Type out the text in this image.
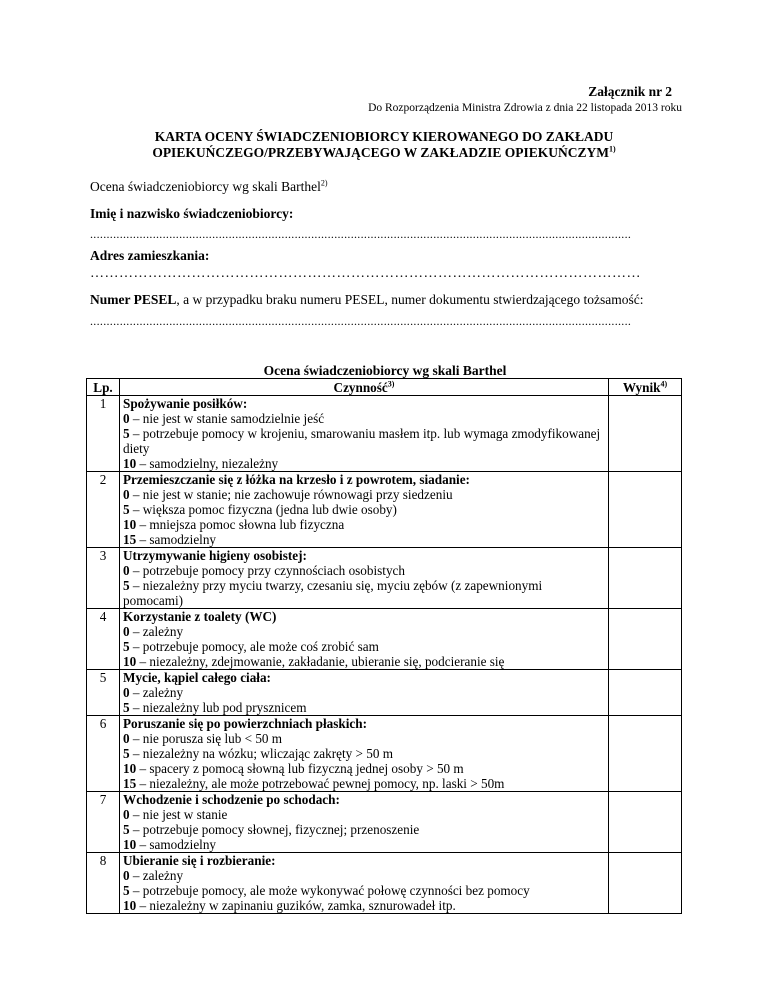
Załącznik nr 2
Do Rozporządzenia Ministra Zdrowia z dnia 22 listopada 2013 roku
KARTA OCENY ŚWIADCZENIOBIORCY KIEROWANEGO DO ZAKŁADU
OPIEKUŃCZEGO/PRZEBYWAJĄCEGO W ZAKŁADZIE OPIEKUŃCZYM$^{1)}$
Ocena świadczeniobiorcy wg skali Barthel$^{2)}$
Imię i nazwisko świadczeniobiorcy:
....................................................................................................................................................................
Adres zamieszkania:
……………………………………………………………………………………………………
Numer PESEL, a w przypadku braku numeru PESEL, numer dokumentu stwierdzającego tożsamość:
....................................................................................................................................................................
Ocena świadczeniobiorcy wg skali Barthel
Lp.	Czynność$^{3)}$	Wynik$^{4)}$
1	Spożywanie posiłków:
0 – nie jest w stanie samodzielnie jeść
5 – potrzebuje pomocy w krojeniu, smarowaniu masłem itp. lub wymaga zmodyfikowanej diety
10 – samodzielny, niezależny	

2	Przemieszczanie się z łóżka na krzesło i z powrotem, siadanie:
0 – nie jest w stanie; nie zachowuje równowagi przy siedzeniu
5 – większa pomoc fizyczna (jedna lub dwie osoby)
10 – mniejsza pomoc słowna lub fizyczna
15 – samodzielny	

3	Utrzymywanie higieny osobistej:
0 – potrzebuje pomocy przy czynnościach osobistych
5 – niezależny przy myciu twarzy, czesaniu się, myciu zębów (z zapewnionymi pomocami)	

4	Korzystanie z toalety (WC)
0 – zależny
5 – potrzebuje pomocy, ale może coś zrobić sam
10 – niezależny, zdejmowanie, zakładanie, ubieranie się, podcieranie się	

5	Mycie, kąpiel całego ciała:
0 – zależny
5 – niezależny lub pod prysznicem	

6	Poruszanie się po powierzchniach płaskich:
0 – nie porusza się lub < 50 m
5 – niezależny na wózku; wliczając zakręty > 50 m
10 – spacery z pomocą słowną lub fizyczną jednej osoby > 50 m
15 – niezależny, ale może potrzebować pewnej pomocy, np. laski > 50m	

7	Wchodzenie i schodzenie po schodach:
0 – nie jest w stanie
5 – potrzebuje pomocy słownej, fizycznej; przenoszenie
10 – samodzielny	

8	Ubieranie się i rozbieranie:
0 – zależny
5 – potrzebuje pomocy, ale może wykonywać połowę czynności bez pomocy
10 – niezależny w zapinaniu guzików, zamka, sznurowadeł itp.	
